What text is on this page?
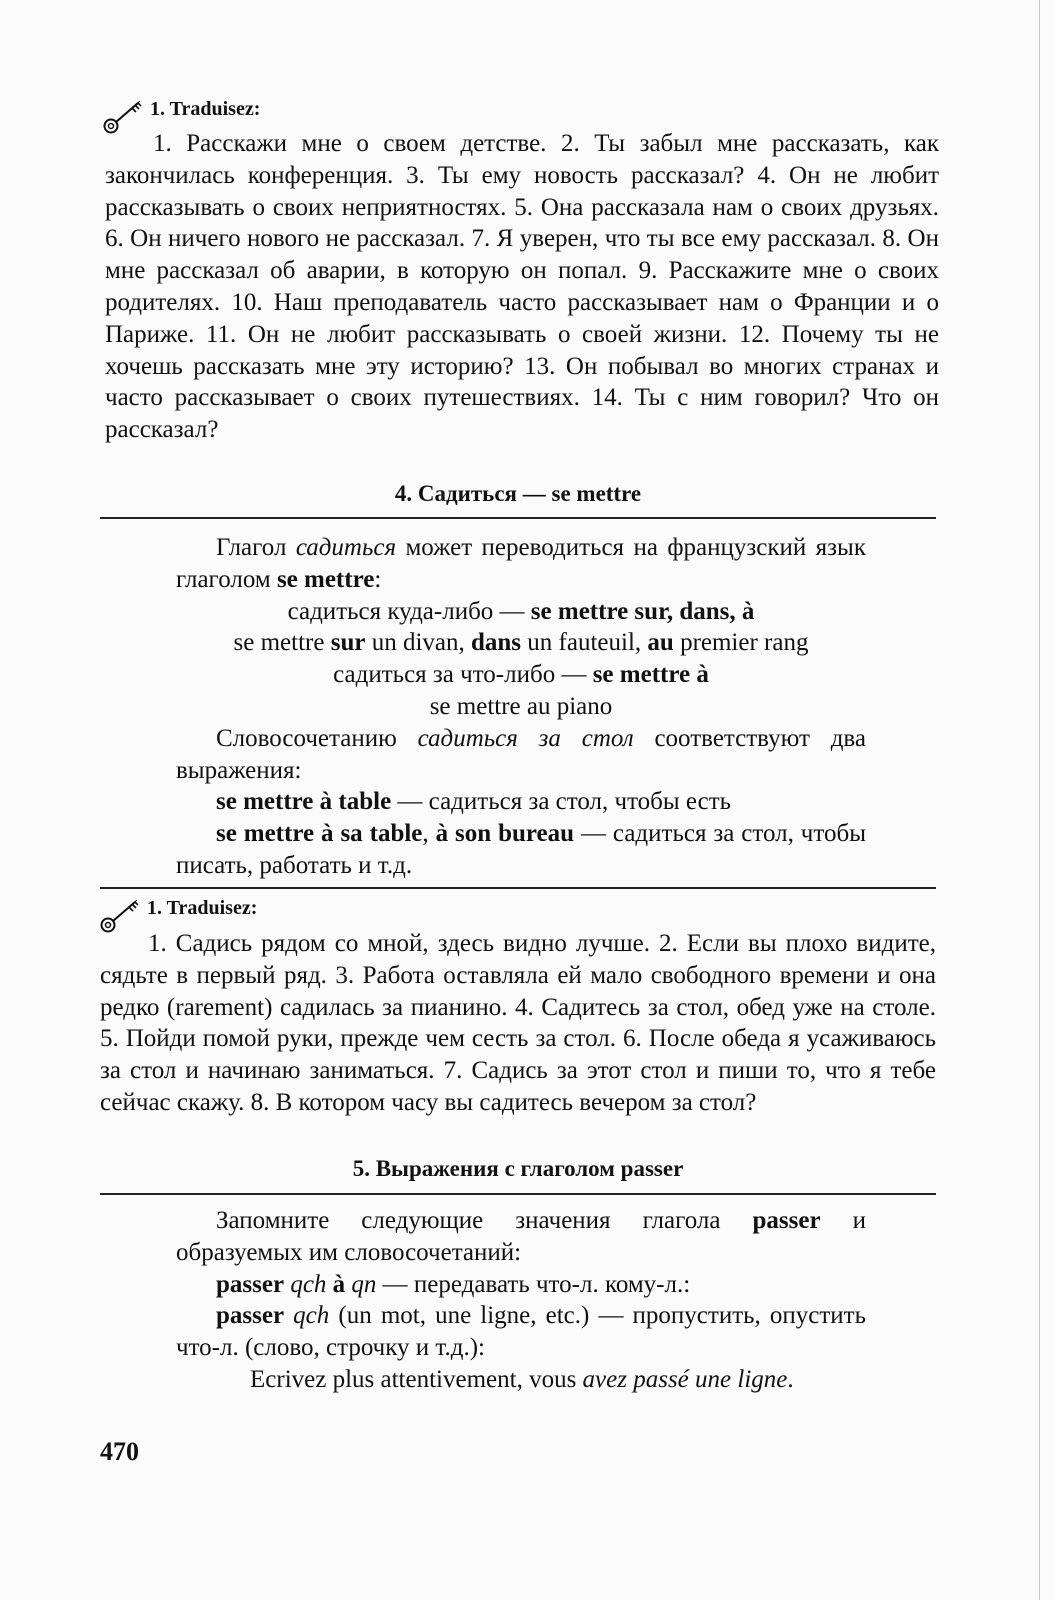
1. Traduisez:

1. Расскажи мне о своем детстве. 2. Ты забыл мне рассказать, как закончилась конференция. 3. Ты ему новость рассказал? 4. Он не любит рассказывать о своих неприятностях. 5. Она рассказала нам о своих друзьях. 6. Он ничего нового не рассказал. 7. Я уверен, что ты все ему рассказал. 8. Он мне рассказал об аварии, в которую он попал. 9. Расскажите мне о своих родителях. 10. Наш преподаватель часто рассказывает нам о Франции и о Париже. 11. Он не любит рассказывать о своей жизни. 12. Почему ты не хочешь рассказать мне эту историю? 13. Он побывал во многих странах и часто рассказывает о своих путешествиях. 14. Ты с ним говорил? Что он рассказал?

4. Садиться — se mettre

Глагол садиться может переводиться на французский язык глаголом se mettre:

садиться куда-либо — se mettre sur, dans, à

se mettre sur un divan, dans un fauteuil, au premier rang

садиться за что-либо — se mettre à

se mettre au piano

Словосочетанию садиться за стол соответствуют два выражения:

se mettre à table — садиться за стол, чтобы есть

se mettre à sa table, à son bureau — садиться за стол, чтобы писать, работать и т.д.

1. Traduisez:

1. Садись рядом со мной, здесь видно лучше. 2. Если вы плохо видите, сядьте в первый ряд. 3. Работа оставляла ей мало свободного времени и она редко (rarement) садилась за пианино. 4. Садитесь за стол, обед уже на столе. 5. Пойди помой руки, прежде чем сесть за стол. 6. После обеда я усаживаюсь за стол и начинаю заниматься. 7. Садись за этот стол и пиши то, что я тебе сейчас скажу. 8. В котором часу вы садитесь вечером за стол?

5. Выражения с глаголом passer

Запомните следующие значения глагола passer и образуемых им словосочетаний:

passer qch à qn — передавать что-л. кому-л.:

passer qch (un mot, une ligne, etc.) — пропустить, опустить что-л. (слово, строчку и т.д.):

Ecrivez plus attentivement, vous avez passé une ligne.

470
